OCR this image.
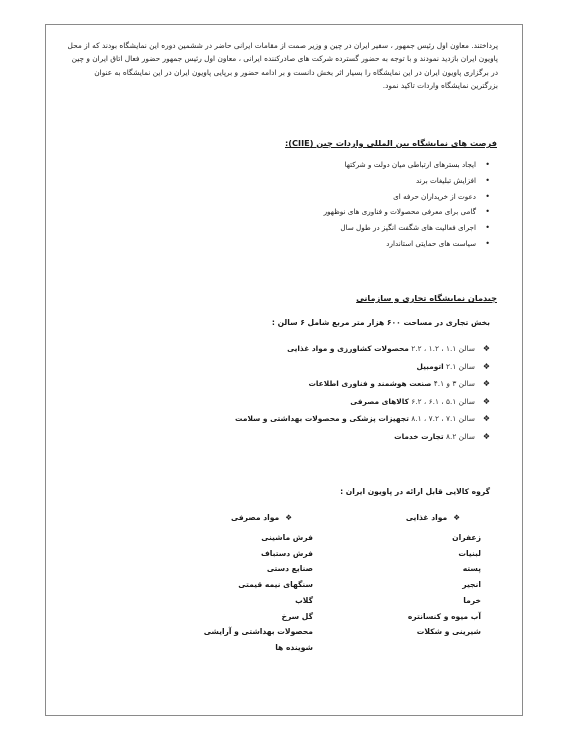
پرداختند. معاون اول رئیس جمهور ، سفیر ایران در چین و وزیر صمت از مقامات ایرانی حاضر در ششمین دوره این نمایشگاه بودند که از محل پاویون ایران بازدید نمودند و با توجه به حضور گسترده شرکت های صادرکننده ایرانی ، معاون اول رئیس جمهور حضور فعال اتاق ایران و چین در برگزاری پاویون ایران در این نمایشگاه را بسیار اثر بخش دانست و بر ادامه حضور و برپایی پاویون ایران در این نمایشگاه به عنوان بزرگترین نمایشگاه واردات تاکید نمود.

فرصت های نمایشگاه بین المللی واردات چین (CIIE):
•
ایجاد بسترهای ارتباطی میان دولت و شرکتها
•
افزایش تبلیغات برند
•
دعوت از خریداران حرفه ای
•
گامی برای معرفی محصولات و فناوری های نوظهور
•
اجرای فعالیت های شگفت انگیز در طول سال
•
سیاست های حمایتی استاندارد
چیدمان نمایشگاه تجاری و سازمانی
بخش تجاری در مساحت ۶۰۰ هزار متر مربع شامل ۶ سالن :
❖
سالن ۱.۱ ، ۱.۲ ، ۲.۲ محصولات کشاورزی و مواد غذایی
❖
سالن ۲.۱ اتومبیل
❖
سالن ۳ و ۴.۱ صنعت هوشمند و فناوری اطلاعات
❖
سالن ۵.۱ ، ۶.۱ ، ۶.۲ کالاهای مصرفی
❖
سالن ۷.۱ ، ۷.۲ ، ۸.۱ تجهیزات پزشکی و محصولات بهداشتی و سلامت
❖
سالن ۸.۲ تجارت خدمات
گروه کالایی قابل ارائه در پاویون ایران :
❖مواد غذایی
زعفران
لبنیات
پسته
انجیر
خرما
آب میوه و کنسانتره
شیرینی و شکلات
❖مواد مصرفی
فرش ماشینی
فرش دستباف
صنایع دستی
سنگهای نیمه قیمتی
گلاب
گل سرخ
محصولات بهداشتی و آرایشی
شوینده ها
